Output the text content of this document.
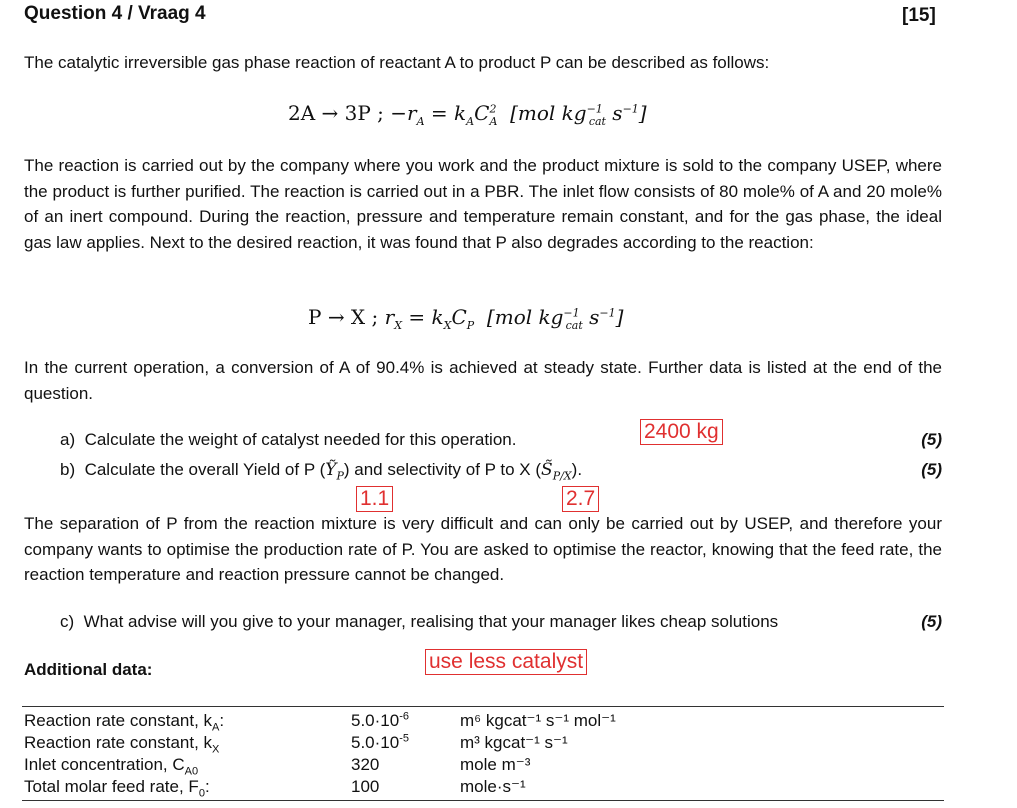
Question 4 / Vraag 4	[15]
The catalytic irreversible gas phase reaction of reactant A to product P can be described as follows:
2A → 3P ; $-r_A = k_AC^2_A$ [mol $kg^{-1}_{cat}$ $s^{-1}$]
The reaction is carried out by the company where you work and the product mixture is sold to the company USEP, where the product is further purified. The reaction is carried out in a PBR. The inlet flow consists of 80 mole% of A and 20 mole% of an inert compound. During the reaction, pressure and temperature remain constant, and for the gas phase, the ideal gas law applies. Next to the desired reaction, it was found that P also degrades according to the reaction:
P → X ; $r_X = k_XC_P$ [mol $kg^{-1}_{cat}$ $s^{-1}$]
In the current operation, a conversion of A of 90.4% is achieved at steady state. Further data is listed at the end of the question.
a) Calculate the weight of catalyst needed for this operation.	(5)
b) Calculate the overall Yield of P (Ỹ$_P$) and selectivity of P to X $(S̃_{P/X})$.	(5)
The separation of P from the reaction mixture is very difficult and can only be carried out by USEP, and therefore your company wants to optimise the production rate of P. You are asked to optimise the reactor, knowing that the feed rate, the reaction temperature and reaction pressure cannot be changed.
c) What advise will you give to your manager, realising that your manager likes cheap solutions	(5)
Additional data:
2400 kg
1.1	2.7
use less catalyst
Reaction rate constant, $k_A$:	$5.0\cdot 10^{-6}$	m⁶ kgcat⁻¹ s⁻¹ mol⁻¹
Reaction rate constant, $k_X$	$5.0\cdot 10^{-5}$	m³ kgcat⁻¹ s⁻¹
Inlet concentration, $C_{A0}$	320	mole m⁻³
Total molar feed rate, $F_0$:	100	mole·s⁻¹
